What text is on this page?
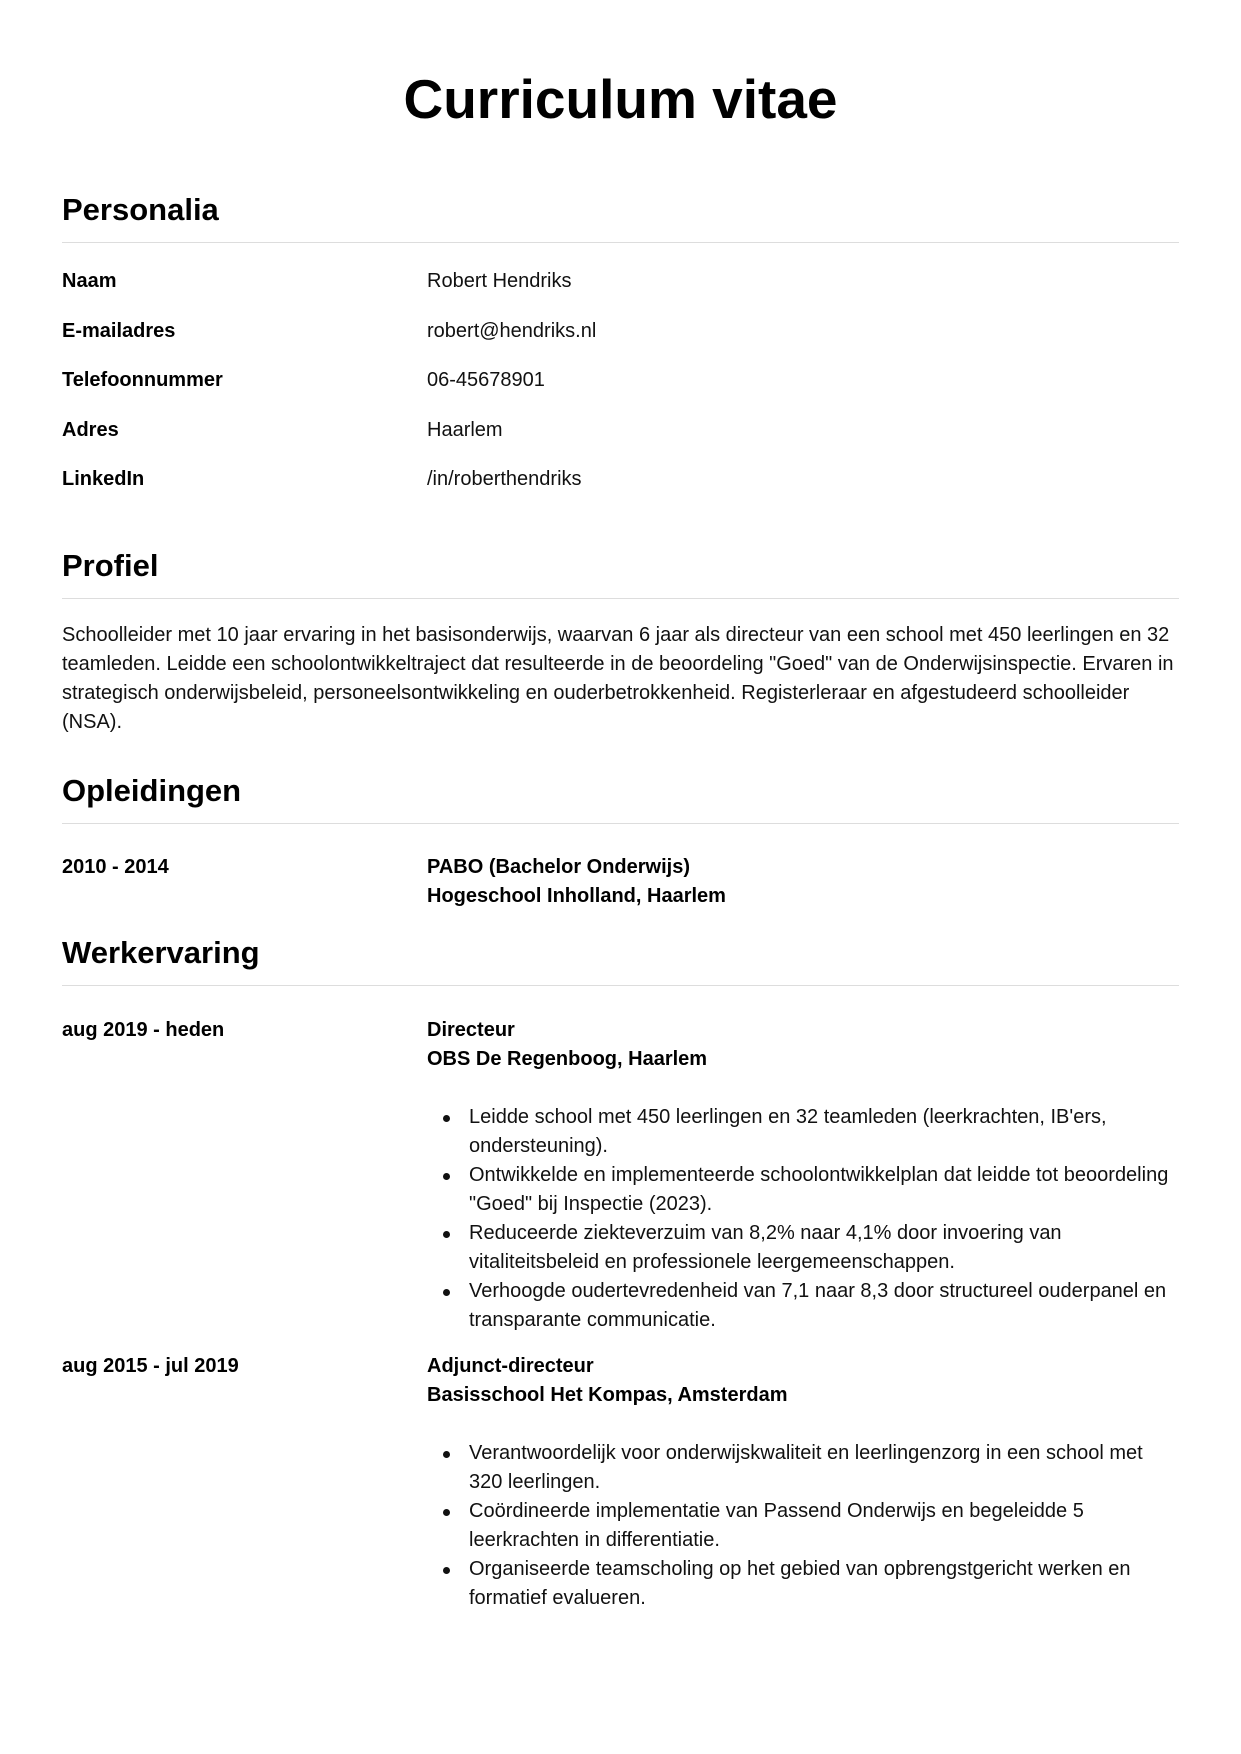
Curriculum vitae
Personalia
Naam	Robert Hendriks
E-mailadres	robert@hendriks.nl
Telefoonnummer	06-45678901
Adres	Haarlem
LinkedIn	/in/roberthendriks
Profiel

Schoolleider met 10 jaar ervaring in het basisonderwijs, waarvan 6 jaar als directeur van een school met 450 leerlingen en 32 teamleden. Leidde een schoolontwikkeltraject dat resulteerde in de beoordeling "Goed" van de Onderwijsinspectie. Ervaren in strategisch onderwijsbeleid, personeelsontwikkeling en ouderbetrokkenheid. Registerleraar en afgestudeerd schoolleider (NSA).

Opleidingen
2010 - 2014	PABO (Bachelor Onderwijs)
Hogeschool Inholland, Haarlem
Werkervaring
aug 2019 - heden	Directeur
OBS De Regenboog, Haarlem
Leidde school met 450 leerlingen en 32 teamleden (leerkrachten, IB'ers, ondersteuning).
Ontwikkelde en implementeerde schoolontwikkelplan dat leidde tot beoordeling "Goed" bij Inspectie (2023).
Reduceerde ziekteverzuim van 8,2% naar 4,1% door invoering van vitaliteitsbeleid en professionele leergemeenschappen.
Verhoogde oudertevredenheid van 7,1 naar 8,3 door structureel ouderpanel en transparante communicatie.
aug 2015 - jul 2019	Adjunct-directeur
Basisschool Het Kompas, Amsterdam
Verantwoordelijk voor onderwijskwaliteit en leerlingenzorg in een school met 320 leerlingen.
Coördineerde implementatie van Passend Onderwijs en begeleidde 5 leerkrachten in differentiatie.
Organiseerde teamscholing op het gebied van opbrengstgericht werken en formatief evalueren.
